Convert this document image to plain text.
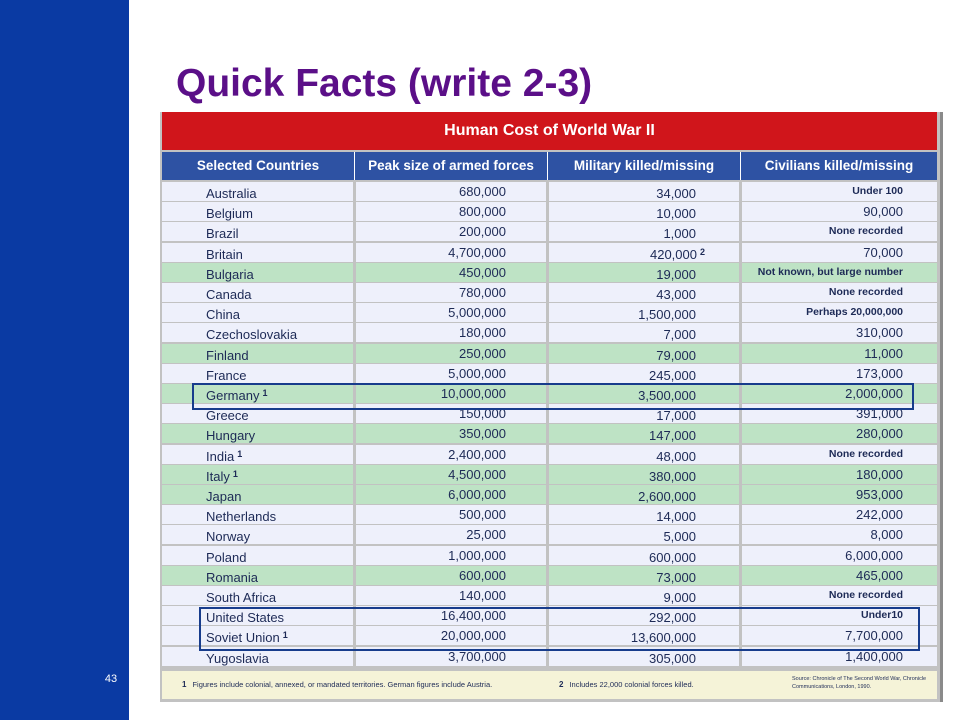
43
Quick Facts (write 2-3)
Human Cost of World War II
Selected Countries	Peak size of armed forces	Military killed/missing	Civilians killed/missing
Australia	680,000	34,000	Under 100
Belgium	800,000	10,000	90,000
Brazil	200,000	1,000	None recorded
Britain	4,700,000	420,000 $^2$	70,000
Bulgaria	450,000	19,000	Not known, but large number
Canada	780,000	43,000	None recorded
China	5,000,000	1,500,000	Perhaps 20,000,000
Czechoslovakia	180,000	7,000	310,000
Finland	250,000	79,000	11,000
France	5,000,000	245,000	173,000
Germany $^1$	10,000,000	3,500,000	2,000,000
Greece	150,000	17,000	391,000
Hungary	350,000	147,000	280,000
India $^1$	2,400,000	48,000	None recorded
Italy $^1$	4,500,000	380,000	180,000
Japan	6,000,000	2,600,000	953,000
Netherlands	500,000	14,000	242,000
Norway	25,000	5,000	8,000
Poland	1,000,000	600,000	6,000,000
Romania	600,000	73,000	465,000
South Africa	140,000	9,000	None recorded
United States	16,400,000	292,000	Under10
Soviet Union $^1$	20,000,000	13,600,000	7,700,000
Yugoslavia	3,700,000	305,000	1,400,000
1 Figures include colonial, annexed, or mandated territories. German figures include Austria.	2 Includes 22,000 colonial forces killed.
Source: Chronicle of The Second World War, Chronicle Communications, London, 1990.
